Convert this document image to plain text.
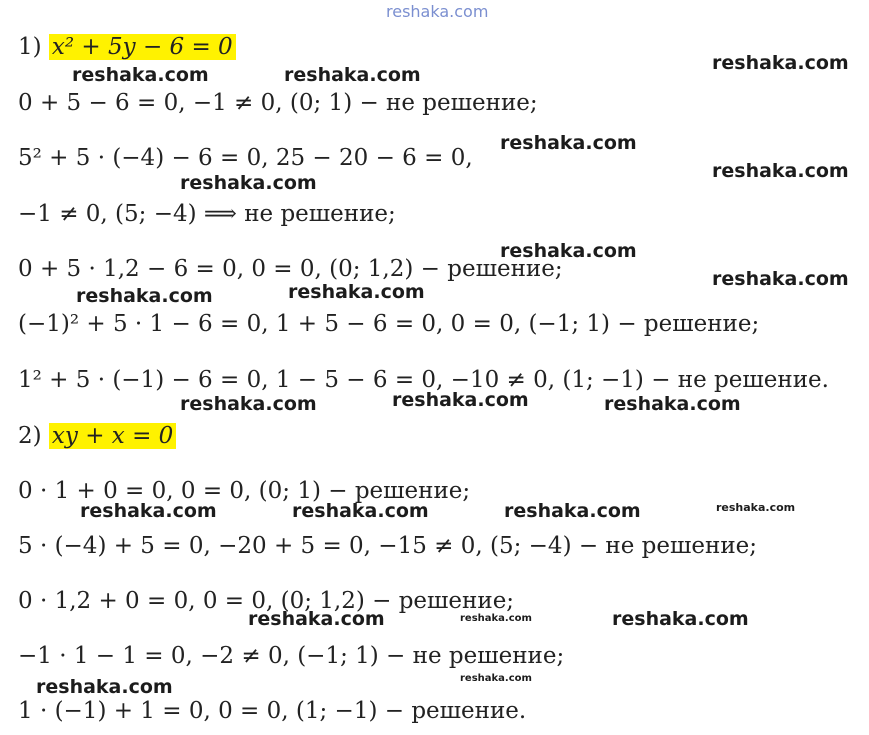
reshaka.com
1) x² + 5y − 6 = 0
0 + 5 − 6 = 0, −1 ≠ 0, (0; 1) − не решение;
5² + 5 · (−4) − 6 = 0, 25 − 20 − 6 = 0,
−1 ≠ 0, (5; −4) ⟹ не решение;
0 + 5 · 1,2 − 6 = 0, 0 = 0, (0; 1,2) − решение;
(−1)² + 5 · 1 − 6 = 0, 1 + 5 − 6 = 0, 0 = 0, (−1; 1) − решение;
1² + 5 · (−1) − 6 = 0, 1 − 5 − 6 = 0, −10 ≠ 0, (1; −1) − не решение.
2) xy + x = 0
0 · 1 + 0 = 0, 0 = 0, (0; 1) − решение;
5 · (−4) + 5 = 0, −20 + 5 = 0, −15 ≠ 0, (5; −4) − не решение;
0 · 1,2 + 0 = 0, 0 = 0, (0; 1,2) − решение;
−1 · 1 − 1 = 0, −2 ≠ 0, (−1; 1) − не решение;
1 · (−1) + 1 = 0, 0 = 0, (1; −1) − решение.
reshaka.com	reshaka.com
reshaka.com
reshaka.com
reshaka.com
reshaka.com
reshaka.com
reshaka.com
reshaka.com	reshaka.com
reshaka.com	reshaka.com	reshaka.com
reshaka.com	reshaka.com	reshaka.com	reshaka.com
reshaka.com	reshaka.com	reshaka.com
reshaka.com
reshaka.com
